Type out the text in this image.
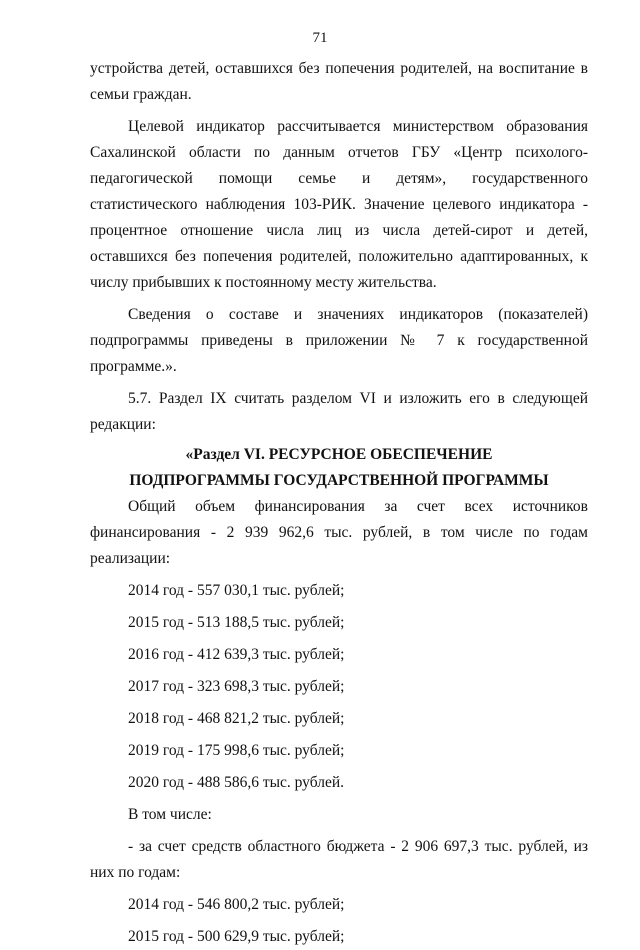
71

устройства детей, оставшихся без попечения родителей, на воспитание в семьи граждан.

Целевой индикатор рассчитывается министерством образования Сахалинской области по данным отчетов ГБУ «Центр психолого-педагогической помощи семье и детям», государственного статистического наблюдения 103-РИК. Значение целевого индикатора - процентное отношение числа лиц из числа детей-сирот и детей, оставшихся без попечения родителей, положительно адаптированных, к числу прибывших к постоянному месту жительства.

Сведения о составе и значениях индикаторов (показателей) подпрограммы приведены в приложении № 7 к государственной программе.».

5.7. Раздел IX считать разделом VI и изложить его в следующей редакции:

«Раздел VI. РЕСУРСНОЕ ОБЕСПЕЧЕНИЕ

ПОДПРОГРАММЫ ГОСУДАРСТВЕННОЙ ПРОГРАММЫ

Общий объем финансирования за счет всех источников финансирования - 2 939 962,6 тыс. рублей, в том числе по годам реализации:

2014 год - 557 030,1 тыс. рублей;

2015 год - 513 188,5 тыс. рублей;

2016 год - 412 639,3 тыс. рублей;

2017 год - 323 698,3 тыс. рублей;

2018 год - 468 821,2 тыс. рублей;

2019 год - 175 998,6 тыс. рублей;

2020 год - 488 586,6 тыс. рублей.

В том числе:

- за счет средств областного бюджета - 2 906 697,3 тыс. рублей, из них по годам:

2014 год - 546 800,2 тыс. рублей;

2015 год - 500 629,9 тыс. рублей;
